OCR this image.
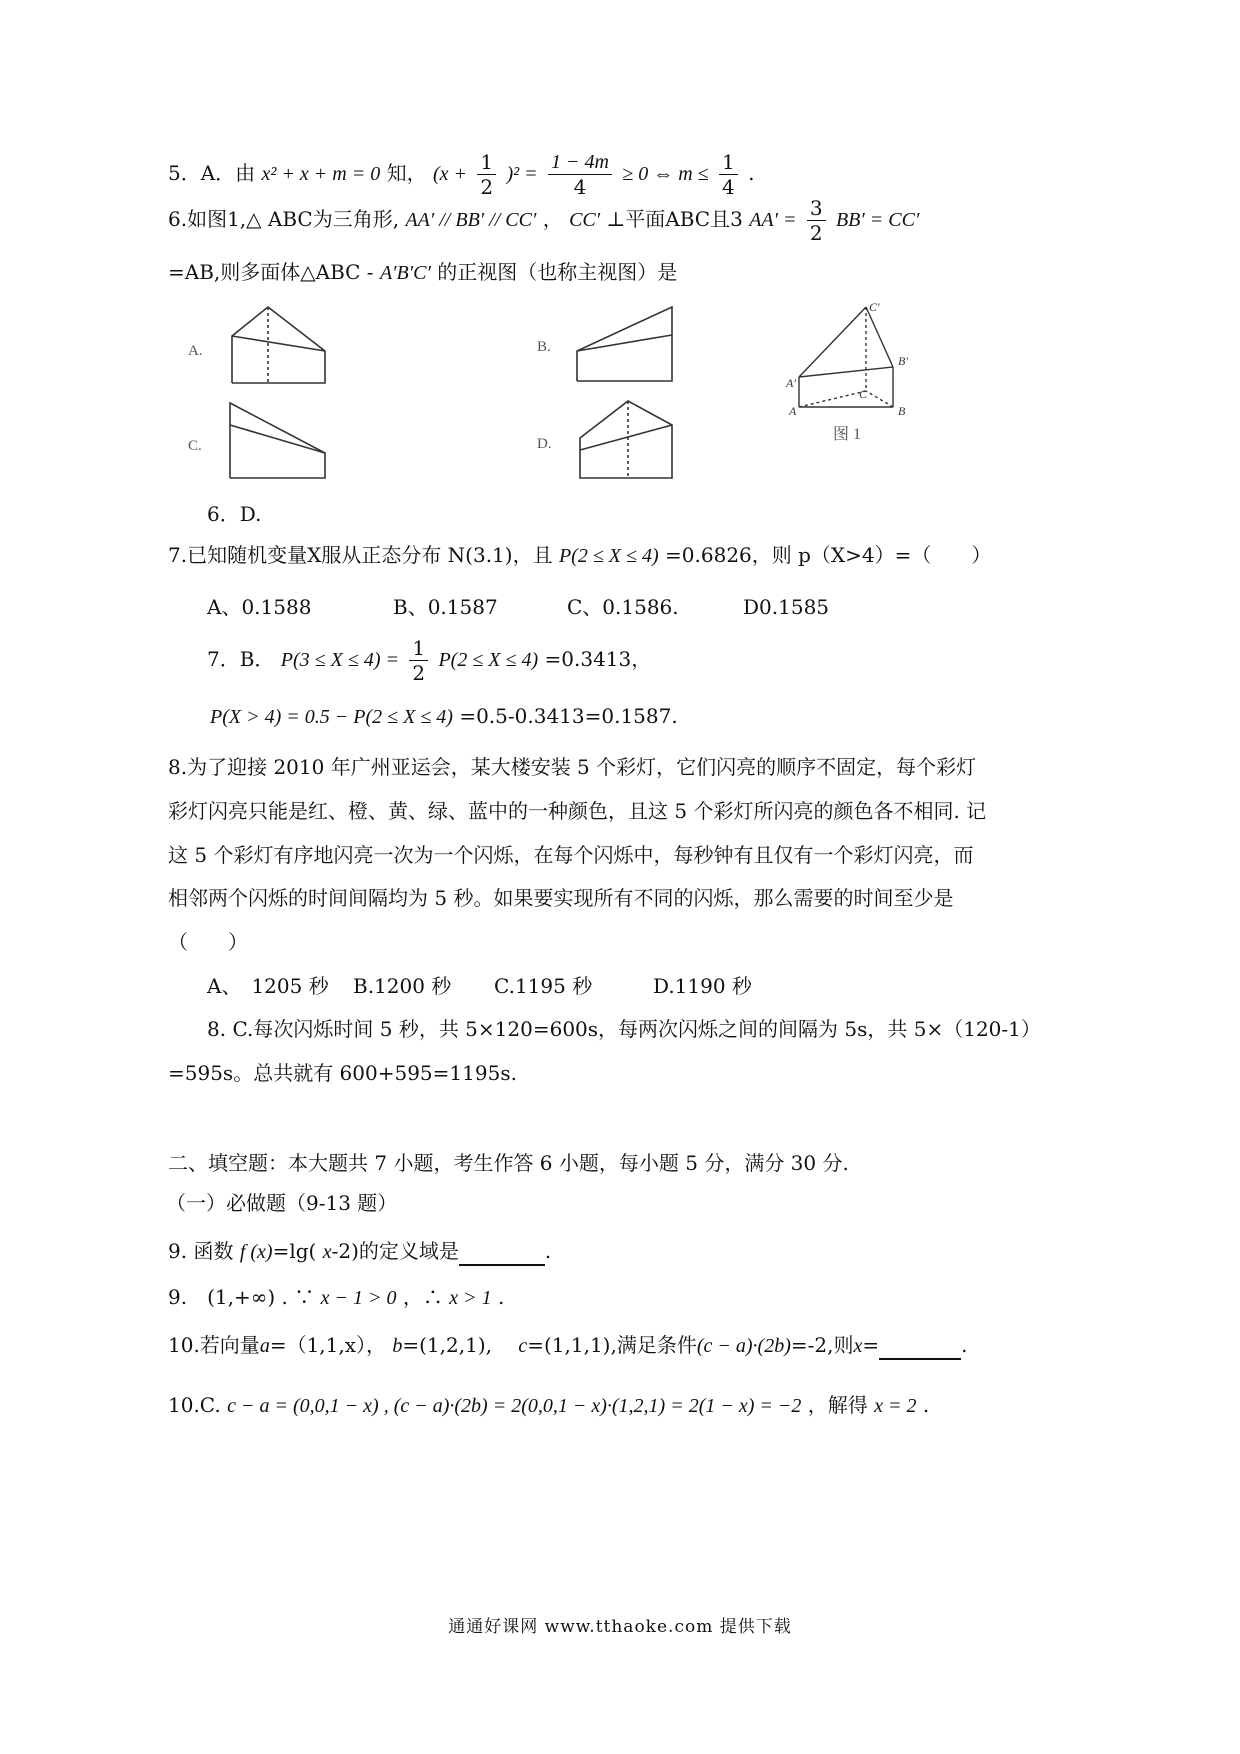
5．A．由 x² + x + m = 0 知， $(x + \frac{1}{2} )^2 = \frac{1 - 4m}{4} \ge 0$ ⇔ $m \le \frac{1}{4}$ .
6.如图1,△ ABC为三角形, AA′ // BB′ // CC′ ， CC′ ⊥平面ABC且3 $AA' = \frac{3}{2} BB' = CC'$
=AB,则多面体△ABC - A′B′C′ 的正视图（也称主视图）是
A.	B.
C.	D.
C′
B′
A′
A	B
C
图 1
6．D.
7.已知随机变量X服从正态分布 N(3.1)，且 P(2 ≤ X ≤ 4) =0.6826，则 p（X>4）=（　　）
A、0.1588	B、0.1587	C、0.1586.	D0.1585
7．B． $P(3 \le X \le 4) = \frac{1}{2} P(2 \le X \le 4) =0.3413$，
P(X > 4) = 0.5 − P(2 ≤ X ≤ 4) =0.5-0.3413=0.1587.
8.为了迎接 2010 年广州亚运会，某大楼安装 5 个彩灯，它们闪亮的顺序不固定，每个彩灯
彩灯闪亮只能是红、橙、黄、绿、蓝中的一种颜色，且这 5 个彩灯所闪亮的颜色各不相同. 记
这 5 个彩灯有序地闪亮一次为一个闪烁，在每个闪烁中，每秒钟有且仅有一个彩灯闪亮，而
相邻两个闪烁的时间间隔均为 5 秒。如果要实现所有不同的闪烁，那么需要的时间至少是
（　　）
A、　1205 秒 B.1200 秒 C.1195 秒	D.1190 秒
8. C.每次闪烁时间 5 秒，共 5×120=600s，每两次闪烁之间的间隔为 5s，共 5×（120-1）
=595s。总共就有 600+595=1195s.
二、填空题：本大题共 7 小题，考生作答 6 小题，每小题 5 分，满分 30 分.
（一）必做题（9-13 题）
9. 函数 f (x)=lg( x-2)的定义域是	.
9.　(1,+∞) . ∵ x − 1 > 0 ，∴ x > 1 .
10.若向量a=（1,1,x）， b=(1,2,1),　 c=(1,1,1),满足条件(c − a)·(2b)=-2,则x=	.
10.C. c − a = (0,0,1 − x) , (c − a)·(2b) = 2(0,0,1 − x)·(1,2,1) = 2(1 − x) = −2 ，解得 x = 2 .
通通好课网 www.tthaoke.com 提供下载
